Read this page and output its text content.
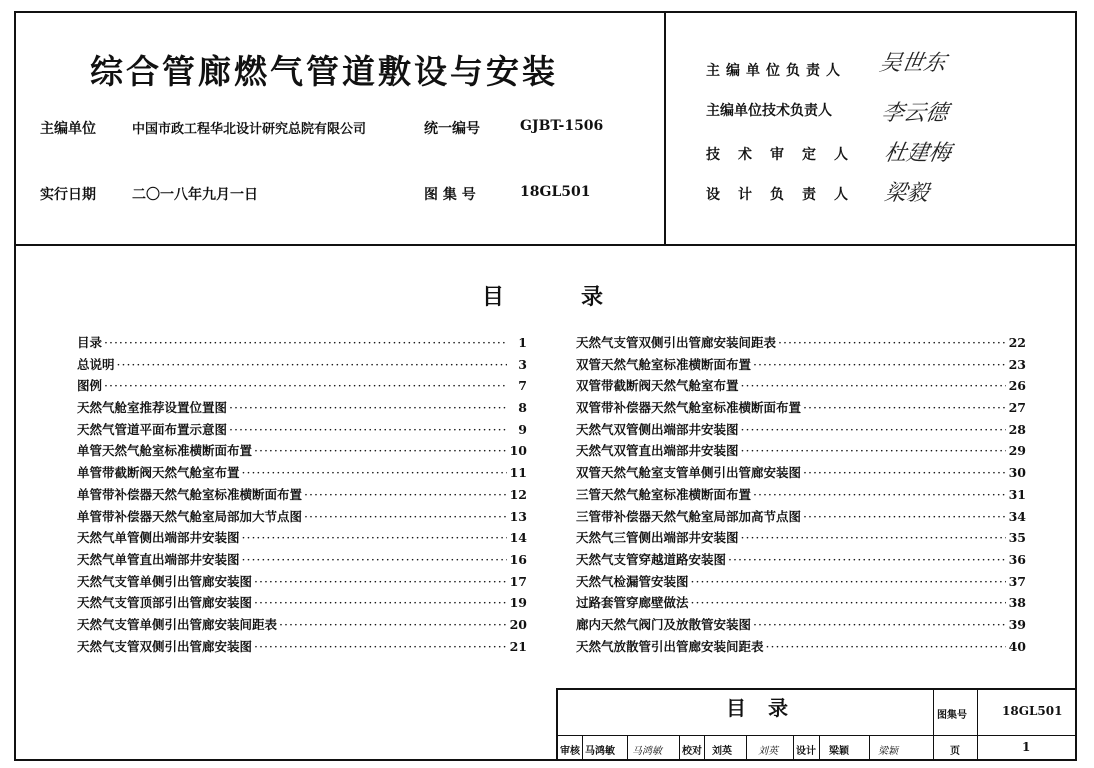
综合管廊燃气管道敷设与安装
主编单位	中国市政工程华北设计研究总院有限公司	统一编号	GJBT-1506
实行日期	二〇一八年九月一日	图 集 号	18GL501
主编单位负责人 吴世东
主编单位技术负责人 李云德
技术审定人 杜建梅
设计负责人 梁毅
目	录
目录 ·····	1
总说明 ·····	3
图例 ·····	7
天然气舱室推荐设置位置图 ·····	8
天然气管道平面布置示意图 ·····	9
单管天然气舱室标准横断面布置 ·····	10
单管带截断阀天然气舱室布置 ·····	11
单管带补偿器天然气舱室标准横断面布置 ·····	12
单管带补偿器天然气舱室局部加大节点图 ·····	13
天然气单管侧出端部井安装图 ·····	14
天然气单管直出端部井安装图 ·····	16
天然气支管单侧引出管廊安装图 ·····	17
天然气支管顶部引出管廊安装图 ·····	19
天然气支管单侧引出管廊安装间距表 ·····	20
天然气支管双侧引出管廊安装图 ·····	21
天然气支管双侧引出管廊安装间距表 ·····	22
双管天然气舱室标准横断面布置 ·····	23
双管带截断阀天然气舱室布置 ·····	26
双管带补偿器天然气舱室标准横断面布置 ·····	27
天然气双管侧出端部井安装图 ·····	28
天然气双管直出端部井安装图 ·····	29
双管天然气舱室支管单侧引出管廊安装图 ·····	30
三管天然气舱室标准横断面布置 ·····	31
三管带补偿器天然气舱室局部加高节点图 ·····	34
天然气三管侧出端部井安装图 ·····	35
天然气支管穿越道路安装图 ·····	36
天然气检漏管安装图 ·····	37
过路套管穿廊壁做法 ·····	38
廊内天然气阀门及放散管安装图 ·····	39
天然气放散管引出管廊安装间距表 ·····	40
目录	图集号	18GL501
审核 马鸿敏 马鸿敏 校对 刘英	刘英 设计 梁颖	梁颖	页	1
